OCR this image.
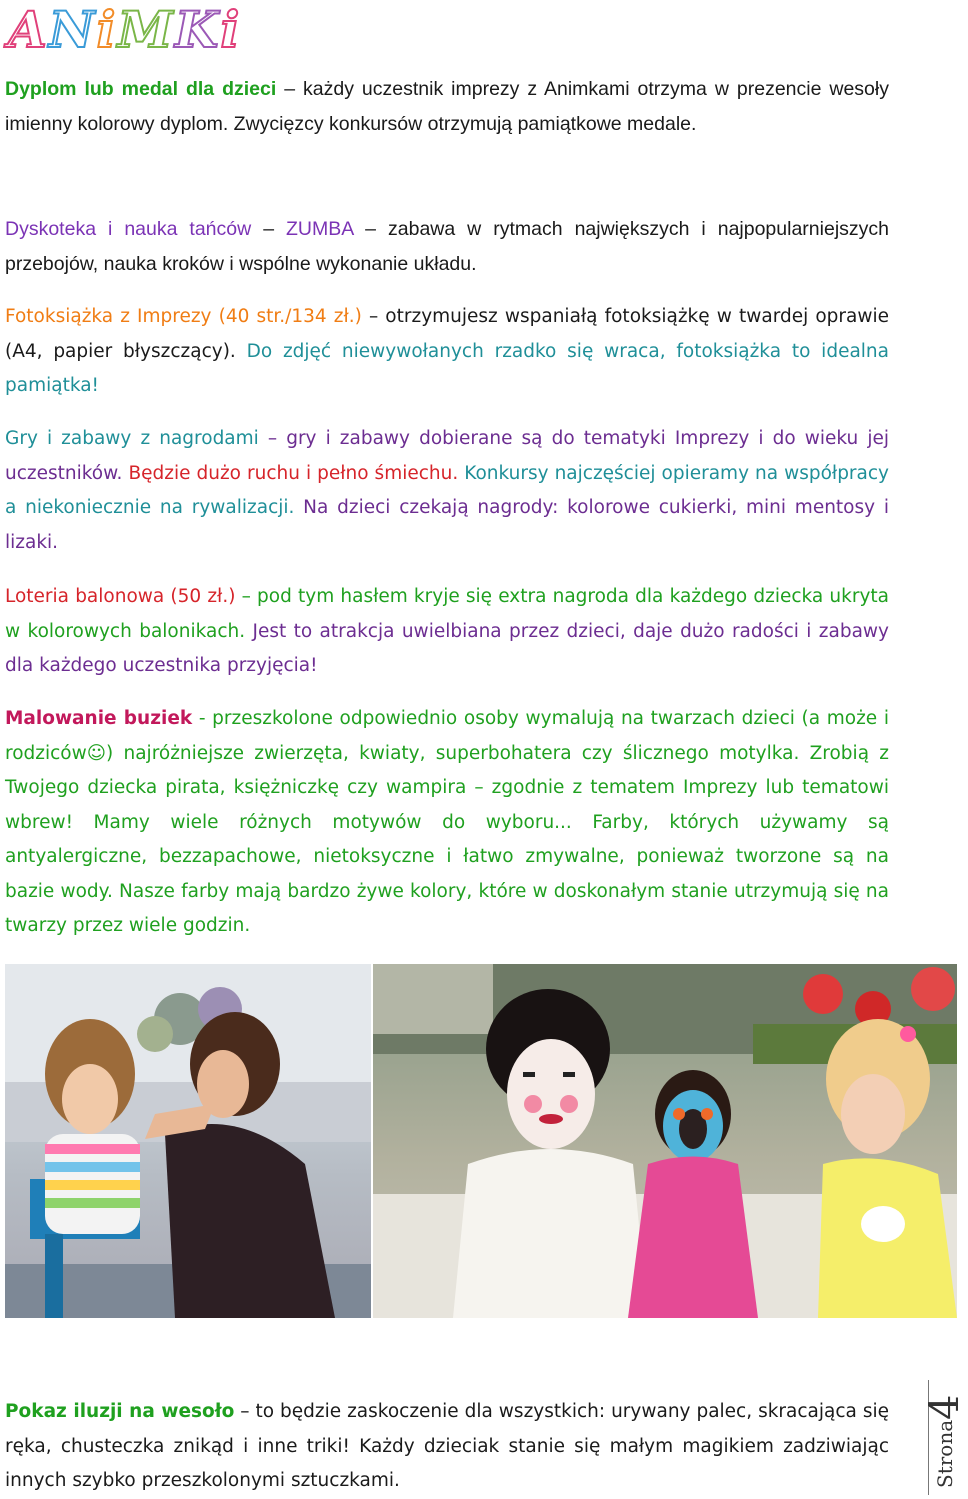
A N i M K i

Dyplom lub medal dla dzieci – każdy uczestnik imprezy z Animkami otrzyma w prezencie wesoły imienny kolorowy dyplom. Zwycięzcy konkursów otrzymują pamiątkowe medale.

Dyskoteka i nauka tańców – ZUMBA – zabawa w rytmach największych i najpopularniejszych przebojów, nauka kroków i wspólne wykonanie układu.

Fotoksiążka z Imprezy (40 str./134 zł.) – otrzymujesz wspaniałą fotoksiążkę w twardej oprawie (A4, papier błyszczący). Do zdjęć niewywołanych rzadko się wraca, fotoksiążka to idealna pamiątka!

Gry i zabawy z nagrodami – gry i zabawy dobierane są do tematyki Imprezy i do wieku jej uczestników. Będzie dużo ruchu i pełno śmiechu. Konkursy najczęściej opieramy na współpracy a niekoniecznie na rywalizacji. Na dzieci czekają nagrody: kolorowe cukierki, mini mentosy i lizaki.

Loteria balonowa (50 zł.) – pod tym hasłem kryje się extra nagroda dla każdego dziecka ukryta w kolorowych balonikach. Jest to atrakcja uwielbiana przez dzieci, daje dużo radości i zabawy dla każdego uczestnika przyjęcia!

Malowanie buziek - przeszkolone odpowiednio osoby wymalują na twarzach dzieci (a może i rodziców☺) najróżniejsze zwierzęta, kwiaty, superbohatera czy ślicznego motylka. Zrobią z Twojego dziecka pirata, księżniczkę czy wampira – zgodnie z tematem Imprezy lub tematowi wbrew! Mamy wiele różnych motywów do wyboru... Farby, których używamy są antyalergiczne, bezzapachowe, nietoksyczne i łatwo zmywalne, ponieważ tworzone są na bazie wody. Nasze farby mają bardzo żywe kolory, które w doskonałym stanie utrzymują się na twarzy przez wiele godzin.

Pokaz iluzji na wesoło – to będzie zaskoczenie dla wszystkich: urywany palec, skracająca się ręka, chusteczka znikąd i inne triki! Każdy dzieciak stanie się małym magikiem zadziwiając innych szybko przeszkolonymi sztuczkami.	Strona
4
